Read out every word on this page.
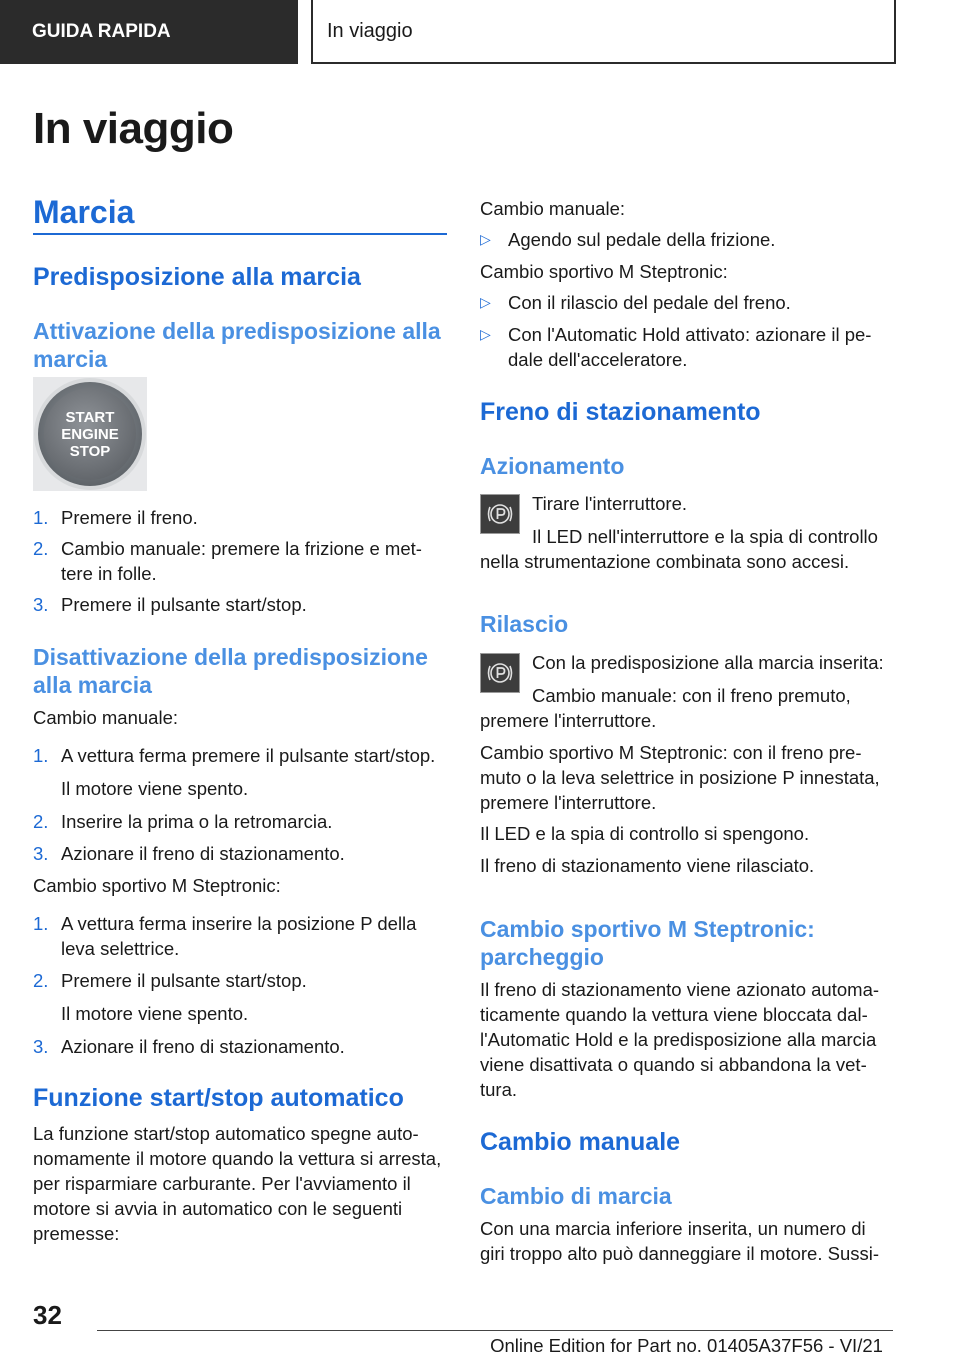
GUIDA RAPIDA	In viaggio
In viaggio
Marcia
Predisposizione alla marcia
Attivazione della predisposizione alla marcia
1. Premere il freno.
2. Cambio manuale: premere la frizione e mettere in folle.
3. Premere il pulsante start/stop.
Disattivazione della predisposizione alla marcia
Cambio manuale:
1. A vettura ferma premere il pulsante start/stop.
Il motore viene spento.
2. Inserire la prima o la retromarcia.
3. Azionare il freno di stazionamento.
Cambio sportivo M Steptronic:
1. A vettura ferma inserire la posizione P della leva selettrice.
2. Premere il pulsante start/stop.
Il motore viene spento.
3. Azionare il freno di stazionamento.
Funzione start/stop automatico
La funzione start/stop automatico spegne autonomamente il motore quando la vettura si arresta, per risparmiare carburante. Per l'avviamento il motore si avvia in automatico con le seguenti premesse:
START
ENGINE
STOP
Cambio manuale:
▷ Agendo sul pedale della frizione.
Cambio sportivo M Steptronic:
▷ Con il rilascio del pedale del freno.
▷ Con l'Automatic Hold attivato: azionare il pedale dell'acceleratore.
Freno di stazionamento
Azionamento
Tirare l'interruttore.
Il LED nell'interruttore e la spia di controllo nella strumentazione combinata sono accesi.
Rilascio
Con la predisposizione alla marcia inserita:
Cambio manuale: con il freno premuto, premere l'interruttore.
Cambio sportivo M Steptronic: con il freno premuto o la leva selettrice in posizione P innestata, premere l'interruttore.
Il LED e la spia di controllo si spengono.
Il freno di stazionamento viene rilasciato.
Cambio sportivo M Steptronic: parcheggio
Il freno di stazionamento viene azionato automaticamente quando la vettura viene bloccata dall'Automatic Hold e la predisposizione alla marcia viene disattivata o quando si abbandona la vettura.
Cambio manuale
Cambio di marcia
Con una marcia inferiore inserita, un numero di giri troppo alto può danneggiare il motore. Sussi-
32
Online Edition for Part no. 01405A37F56 - VI/21
